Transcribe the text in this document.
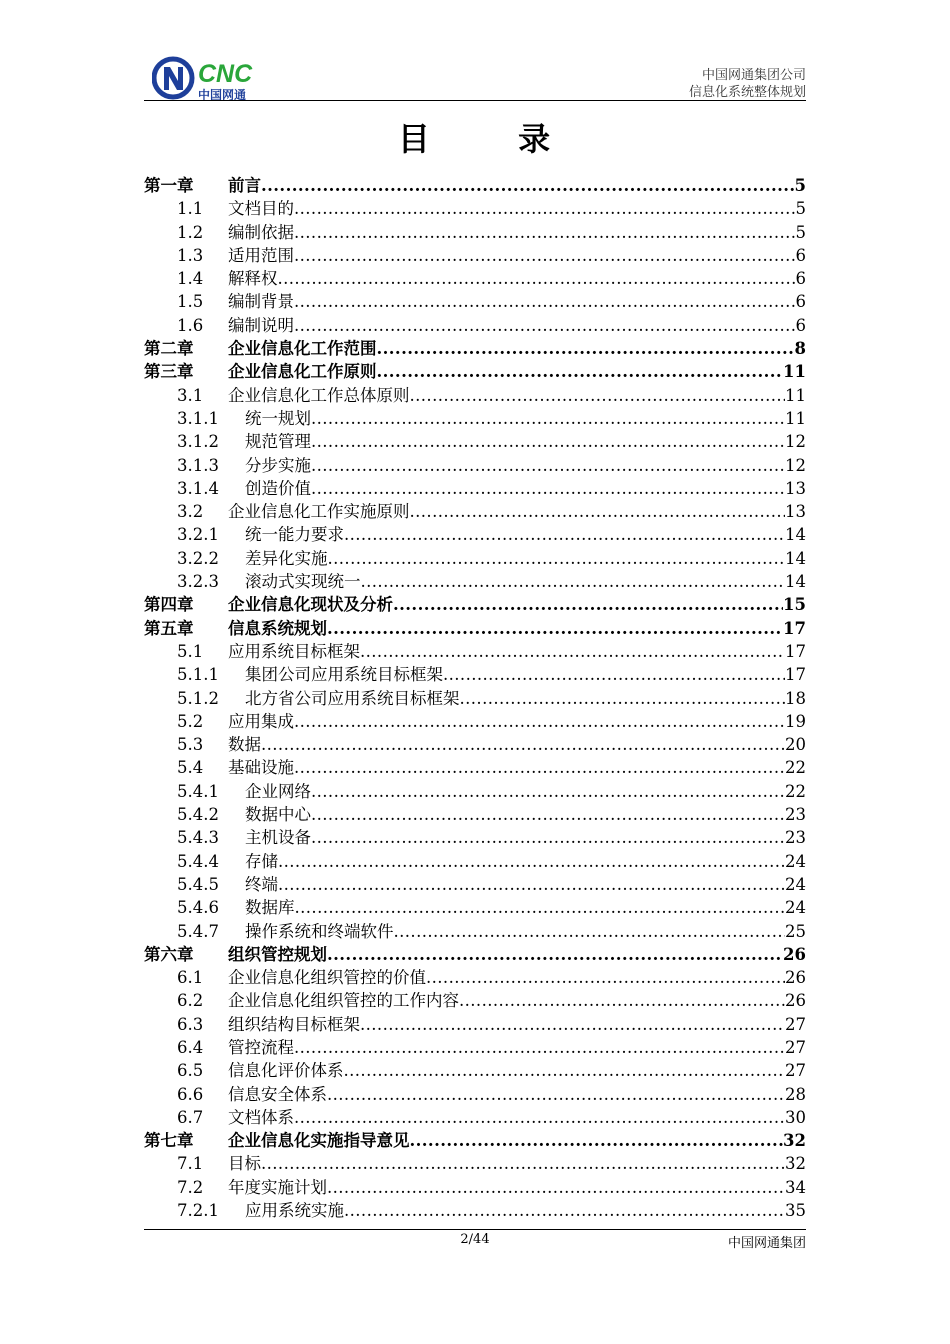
CNC
中国网通
中国网通集团公司
信息化系统整体规划
目	录
第一章 前言 .....	5
1.1 文档目的 .....	5
1.2 编制依据 .....	5
1.3 适用范围 .....	6
1.4 解释权 .....	6
1.5 编制背景 .....	6
1.6 编制说明 .....	6
第二章 企业信息化工作范围 .....	8
第三章 企业信息化工作原则 .....	11
3.1 企业信息化工作总体原则 .....	11
3.1.1 统一规划 .....	11
3.1.2 规范管理 .....	12
3.1.3 分步实施 .....	12
3.1.4 创造价值 .....	13
3.2 企业信息化工作实施原则 .....	13
3.2.1 统一能力要求 .....	14
3.2.2 差异化实施 .....	14
3.2.3 滚动式实现统一 .....	14
第四章 企业信息化现状及分析 .....	15
第五章 信息系统规划 .....	17
5.1 应用系统目标框架 .....	17
5.1.1 集团公司应用系统目标框架 .....	17
5.1.2 北方省公司应用系统目标框架 .....	18
5.2 应用集成 .....	19
5.3 数据 .....	20
5.4 基础设施 .....	22
5.4.1 企业网络 .....	22
5.4.2 数据中心 .....	23
5.4.3 主机设备 .....	23
5.4.4 存储 .....	24
5.4.5 终端 .....	24
5.4.6 数据库 .....	24
5.4.7 操作系统和终端软件 .....	25
第六章 组织管控规划 .....	26
6.1 企业信息化组织管控的价值 .....	26
6.2 企业信息化组织管控的工作内容 .....	26
6.3 组织结构目标框架 .....	27
6.4 管控流程 .....	27
6.5 信息化评价体系 .....	27
6.6 信息安全体系 .....	28
6.7 文档体系 .....	30
第七章 企业信息化实施指导意见 .....	32
7.1 目标 .....	32
7.2 年度实施计划 .....	34
7.2.1 应用系统实施 .....	35
2/44	中国网通集团
